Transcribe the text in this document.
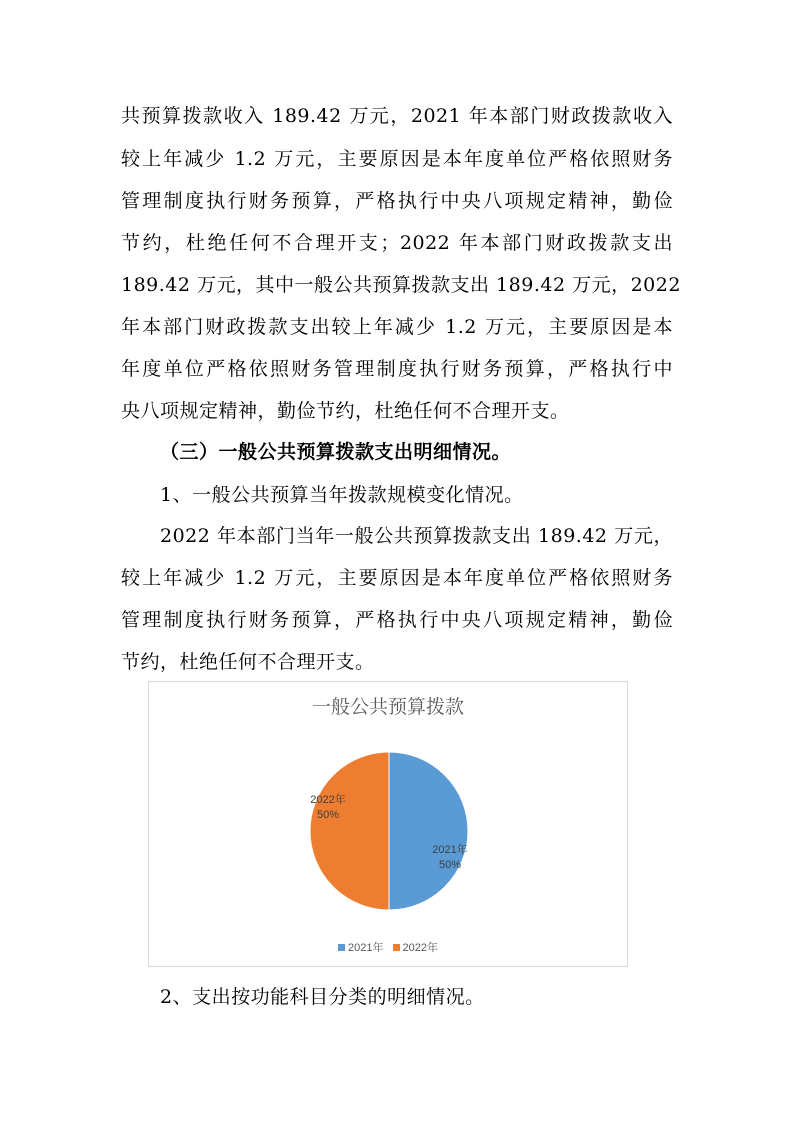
共预算拨款收入 189.42 万元，2021 年本部门财政拨款收入
较上年减少 1.2 万元，主要原因是本年度单位严格依照财务
管理制度执行财务预算，严格执行中央八项规定精神，勤俭
节约，杜绝任何不合理开支；2022 年本部门财政拨款支出
189.42 万元，其中一般公共预算拨款支出 189.42 万元，2022
年本部门财政拨款支出较上年减少 1.2 万元，主要原因是本
年度单位严格依照财务管理制度执行财务预算，严格执行中
央八项规定精神，勤俭节约，杜绝任何不合理开支。
（三）一般公共预算拨款支出明细情况。
1、一般公共预算当年拨款规模变化情况。
2022 年本部门当年一般公共预算拨款支出 189.42 万元，
较上年减少 1.2 万元，主要原因是本年度单位严格依照财务
管理制度执行财务预算，严格执行中央八项规定精神，勤俭
节约，杜绝任何不合理开支。
一般公共预算拨款
2021年
50%
2022年
50%
2021年 2022年
2、支出按功能科目分类的明细情况。
